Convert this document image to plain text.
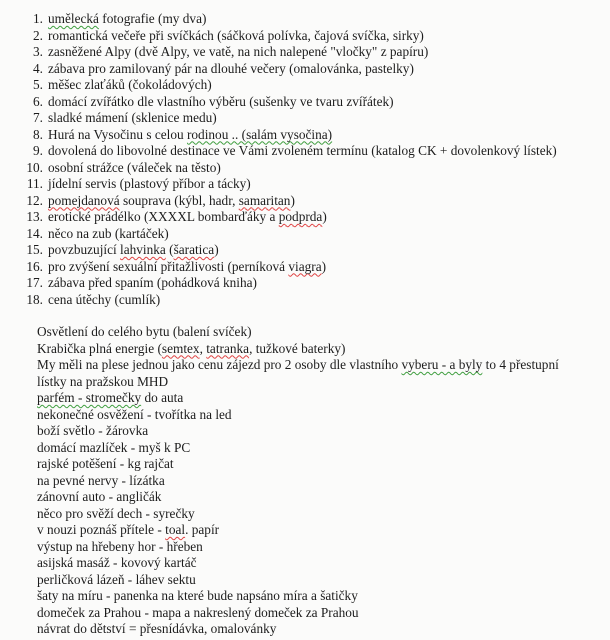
1. umělecká fotografie (my dva)
2. romantická večeře při svíčkách (sáčková polívka, čajová svíčka, sirky)
3. zasněžené Alpy (dvě Alpy, ve vatě, na nich nalepené "vločky" z papíru)
4. zábava pro zamilovaný pár na dlouhé večery (omalovánka, pastelky)
5. měšec zlaťáků (čokoládových)
6. domácí zvířátko dle vlastního výběru (sušenky ve tvaru zvířátek)
7. sladké mámení (sklenice medu)
8. Hurá na Vysočinu s celou rodinou .. (salám vysočina)
9. dovolená do libovolné destinace ve Vámi zvoleném termínu (katalog CK + dovolenkový lístek)
10. osobní strážce (váleček na těsto)
11. jídelní servis (plastový příbor a tácky)
12. pomejdanová souprava (kýbl, hadr, samaritan)
13. erotické prádélko (XXXXL bombarďáky a podprda)
14. něco na zub (kartáček)
15. povzbuzující lahvinka (šaratica)
16. pro zvýšení sexuální přitažlivosti (perníková viagra)
17. zábava před spaním (pohádková kniha)
18. cena útěchy (cumlík)
Osvětlení do celého bytu (balení svíček)
Krabička plná energie (semtex, tatranka, tužkové baterky)
My měli na plese jednou jako cenu zájezd pro 2 osoby dle vlastního vyberu - a byly to 4 přestupní
lístky na pražskou MHD
parfém - stromečky do auta
nekonečné osvěžení - tvořítka na led
boží světlo - žárovka
domácí mazlíček - myš k PC
rajské potěšení - kg rajčat
na pevné nervy - lízátka
zánovní auto - angličák
něco pro svěží dech - syrečky
v nouzi poznáš přítele - toal. papír
výstup na hřebeny hor - hřeben
asijská masáž - kovový kartáč
perličková lázeň - láhev sektu
šaty na míru - panenka na které bude napsáno míra a šatičky
domeček za Prahou - mapa a nakreslený domeček za Prahou
návrat do dětství = přesnídávka, omalovánky
